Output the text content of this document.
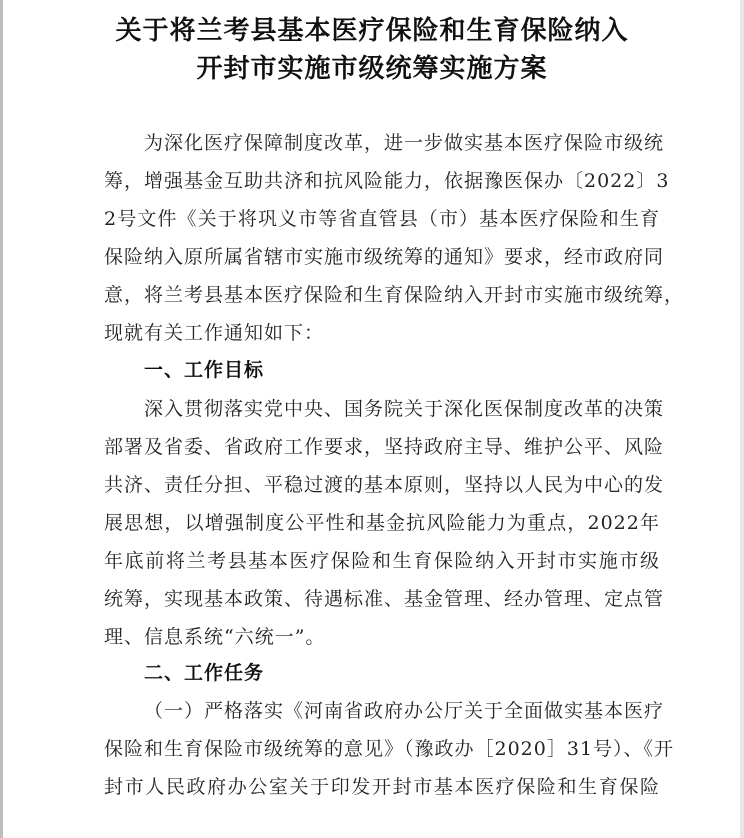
关于将兰考县基本医疗保险和生育保险纳入
开封市实施市级统筹实施方案
为深化医疗保障制度改革，进一步做实基本医疗保险市级统
筹，增强基金互助共济和抗风险能力，依据豫医保办〔2022〕3
2号文件《关于将巩义市等省直管县（市）基本医疗保险和生育
保险纳入原所属省辖市实施市级统筹的通知》要求，经市政府同
意，将兰考县基本医疗保险和生育保险纳入开封市实施市级统筹，
现就有关工作通知如下：
一、工作目标
深入贯彻落实党中央、国务院关于深化医保制度改革的决策
部署及省委、省政府工作要求，坚持政府主导、维护公平、风险
共济、责任分担、平稳过渡的基本原则，坚持以人民为中心的发
展思想，以增强制度公平性和基金抗风险能力为重点，2022年
年底前将兰考县基本医疗保险和生育保险纳入开封市实施市级
统筹，实现基本政策、待遇标准、基金管理、经办管理、定点管
理、信息系统“六统一”。
二、工作任务
（一）严格落实《河南省政府办公厅关于全面做实基本医疗
保险和生育保险市级统筹的意见》（豫政办［2020］31号）、《开
封市人民政府办公室关于印发开封市基本医疗保险和生育保险
